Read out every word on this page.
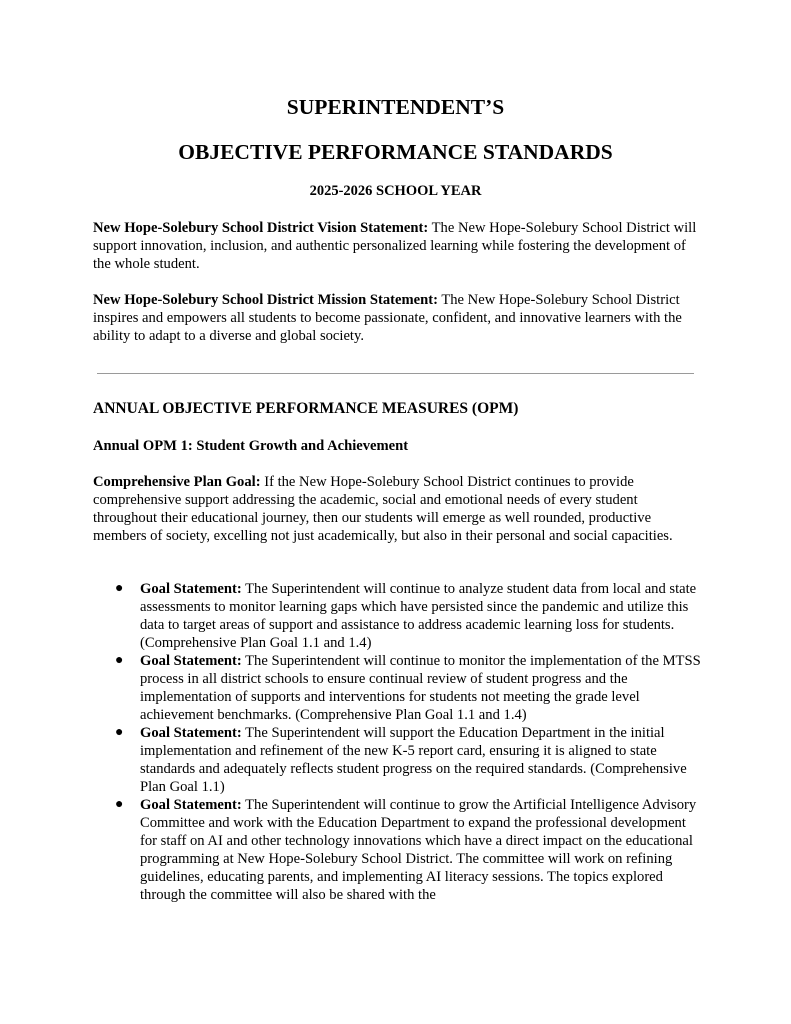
SUPERINTENDENT’S
OBJECTIVE PERFORMANCE STANDARDS
2025-2026 SCHOOL YEAR
New Hope-Solebury School District Vision Statement: The New Hope-Solebury School District will support innovation, inclusion, and authentic personalized learning while fostering the development of the whole student.
New Hope-Solebury School District Mission Statement: The New Hope-Solebury School District inspires and empowers all students to become passionate, confident, and innovative learners with the ability to adapt to a diverse and global society.
ANNUAL OBJECTIVE PERFORMANCE MEASURES (OPM)
Annual OPM 1: Student Growth and Achievement
Comprehensive Plan Goal: If the New Hope-Solebury School District continues to provide comprehensive support addressing the academic, social and emotional needs of every student throughout their educational journey, then our students will emerge as well rounded, productive members of society, excelling not just academically, but also in their personal and social capacities.
● Goal Statement: The Superintendent will continue to analyze student data from local and state assessments to monitor learning gaps which have persisted since the pandemic and utilize this data to target areas of support and assistance to address academic learning loss for students. (Comprehensive Plan Goal 1.1 and 1.4)
● Goal Statement: The Superintendent will continue to monitor the implementation of the MTSS process in all district schools to ensure continual review of student progress and the implementation of supports and interventions for students not meeting the grade level achievement benchmarks. (Comprehensive Plan Goal 1.1 and 1.4)
● Goal Statement: The Superintendent will support the Education Department in the initial implementation and refinement of the new K-5 report card, ensuring it is aligned to state standards and adequately reflects student progress on the required standards. (Comprehensive Plan Goal 1.1)
● Goal Statement: The Superintendent will continue to grow the Artificial Intelligence Advisory Committee and work with the Education Department to expand the professional development for staff on AI and other technology innovations which have a direct impact on the educational programming at New Hope-Solebury School District. The committee will work on refining guidelines, educating parents, and implementing AI literacy sessions. The topics explored through the committee will also be shared with the
